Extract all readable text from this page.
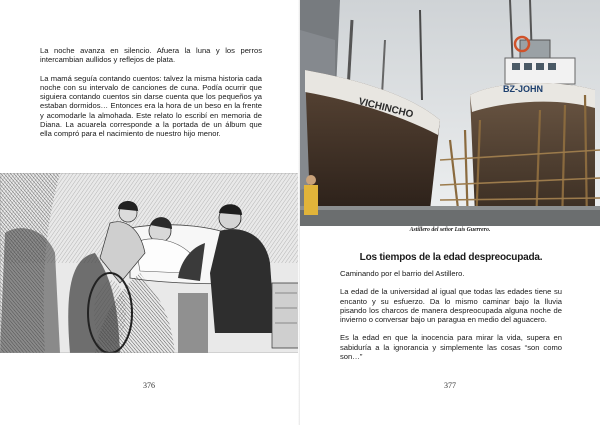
La noche avanza en silencio. Afuera la luna y los perros intercambian aullidos y reflejos de plata.

La mamá seguía contando cuentos: talvez la misma historia cada noche con su intervalo de canciones de cuna. Podía ocurrir que siguiera contando cuentos sin darse cuenta que los pequeños ya estaban dormidos… Entonces era la hora de un beso en la frente y acomodarle la almohada. Este relato lo escribí en memoria de Diana. La acuarela corresponde a la portada de un álbum que ella compró para el nacimiento de nuestro hijo menor.

376
VICHINCHO
BZ-JOHN
Astillero del señor Luis Guerrero.
Los tiempos de la edad despreocupada.

Caminando por el barrio del Astillero.

La edad de la universidad al igual que todas las edades tiene su encanto y su esfuerzo. Da lo mismo caminar bajo la lluvia pisando los charcos de manera despreocupada alguna noche de invierno o conversar bajo un paragua en medio del aguacero.

Es la edad en que la inocencia para mirar la vida, supera en sabiduría a la ignorancia y simplemente las cosas “son como son…”

377
